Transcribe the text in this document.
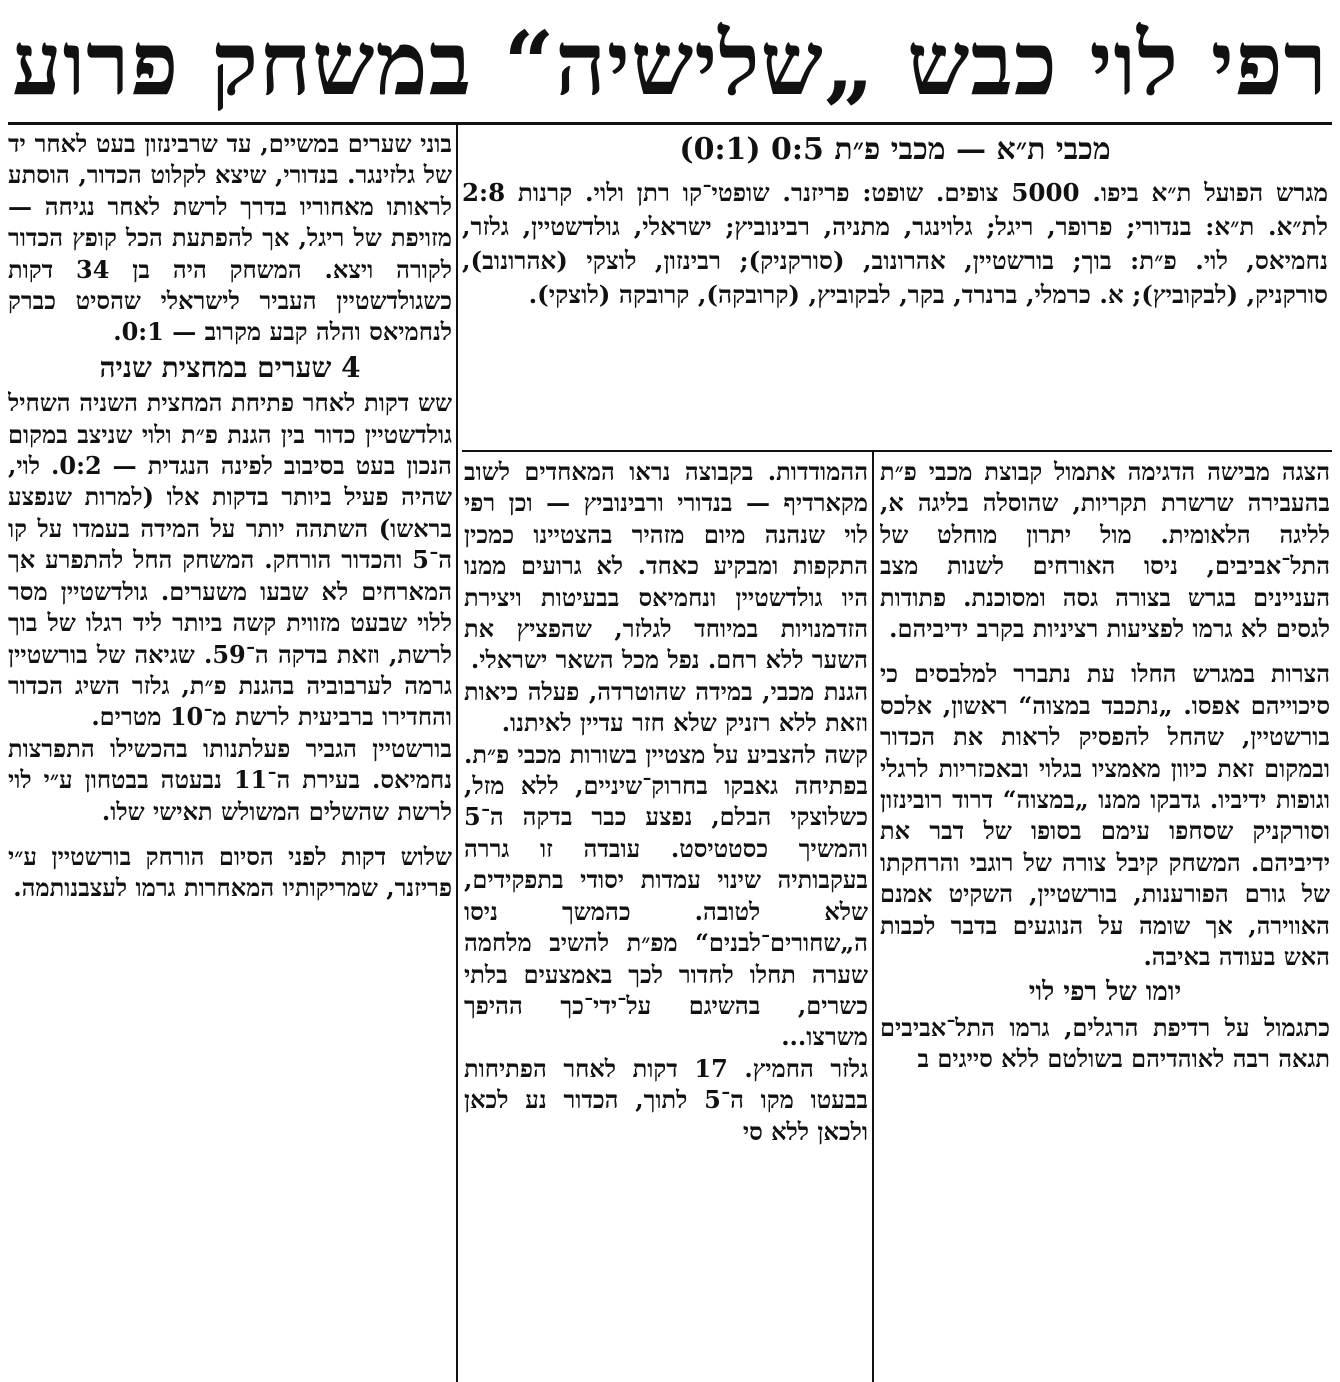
רפי לוי כבש „שלישיה“ במשחק פרוע
מכבי ת״א — מכבי פ״ת 0:5 (0:1)

מגרש הפועל ת״א ביפו. 5000 צופים. שופט: פריזנר. שופטי־קו רתן ולוי. קרנות 2:8 לת״א. ת״א: בנדורי; פרופר, ריגל; גלוינגר, מתניה, רבינוביץ; ישראלי, גולדשטיין, גלזר, נחמיאס, לוי. פ״ת: בוך; בורשטיין, אהרונוב, (סורקניק); רבינזון, לוצקי (אהרונוב), סורקניק, (לבקוביץ); א. כרמלי, ברנרד, בקר, לבקוביץ, (קרובקה), קרובקה (לוצקי).

הצגה מבישה הדגימה אתמול קבוצת מכבי פ״ת בהעבירה שרשרת תקריות, שהוסלה בליגה א, לליגה הלאומית. מול יתרון מוחלט של התל־אביבים, ניסו האורחים לשנות מצב העניינים בגרש בצורה גסה ומסוכנת. פתודות לגסים לא גרמו לפציעות רציניות בקרב ידיביהם.

הצרות במגרש החלו עת נתברר למלבסים כי סיכוייהם אפסו. „נתכבד במצוה“ ראשון, אלכס בורשטיין, שהחל להפסיק לראות את הכדור ובמקום זאת כיוון מאמציו בגלוי ובאכזריות לרגלי וגופות ידיביו. גדבקו ממנו „במצוה“ דרוד רובינזון וסורקניק שסחפו עימם בסופו של דבר את ידיביהם. המשחק קיבל צורה של רוגבי והרחקתו של גורם הפורענות, בורשטיין, השקיט אמנם האווירה, אך שומה על הנוגעים בדבר לכבות האש בעודה באיבה.

יומו של רפי לוי

כתגמול על רדיפת הרגלים, גרמו התל־אביבים תגאה רבה לאוהדיהם בשולטם ללא סייגים ב

ההמודדות. בקבוצה נראו המאחדים לשוב מקארדיף — בנדורי ורבינוביץ — וכן רפי לוי שנהנה מיום מזהיר בהצטיינו כמכין התקפות ומבקיע כאחד. לא גרועים ממנו היו גולדשטיין ונחמיאס בבעיטות ויצירת הזדמנויות במיוחד לגלזר, שהפציץ את השער ללא רחם. נפל מכל השאר ישראלי.

הגנת מכבי, במידה שהוטרדה, פעלה כיאות וזאת ללא רזניק שלא חזר עדיין לאיתנו.

קשה להצביע על מצטיין בשורות מכבי פ״ת. בפתיחה גאבקו בחרוק־שיניים, ללא מזל, כשלוצקי הבלם, נפצע כבר בדקה ה־5 והמשיך כסטטיסט. עובדה זו גררה בעקבותיה שינוי עמדות יסודי בתפקידים, שלא לטובה. כהמשך ניסו ה„שחורים־לבנים“ מפ״ת להשיב מלחמה שערה תחלו לחדור לכך באמצעים בלתי כשרים, בהשיגם על־ידי־כך ההיפך משרצו...

גלזר החמיץ. 17 דקות לאחר הפתיחות בבעטו מקו ה־5 לתוך, הכדור נע לכאן ולכאן ללא סי

בוני שערים במשיים, עד שרבינזון בעט לאחר יד של גלזינגר. בנדורי, שיצא לקלוט הכדור, הוסתע לראותו מאחוריו בדרך לרשת לאחר נגיחה — מזויפת של ריגל, אך להפתעת הכל קופץ הכדור לקורה ויצא. המשחק היה בן 34 דקות כשגולדשטיין העביר לישראלי שהסיט כברק לנחמיאס והלה קבע מקרוב — 0:1.

4 שערים במחצית שניה

שש דקות לאחר פתיחת המחצית השניה השחיל גולדשטיין כדור בין הגנת פ״ת ולוי שניצב במקום הנכון בעט בסיבוב לפינה הנגדית — 0:2. לוי, שהיה פעיל ביותר בדקות אלו (למרות שנפצע בראשו) השתהה יותר על המידה בעמדו על קו ה־5 והכדור הורחק. המשחק החל להתפרע אך המארחים לא שבעו משערים. גולדשטיין מסר ללוי שבעט מזווית קשה ביותר ליד רגלו של בוך לרשת, וזאת בדקה ה־59. שגיאה של בורשטיין גרמה לערבוביה בהגנת פ״ת, גלזר השיג הכדור והחדירו ברביעית לרשת מ־10 מטרים.

בורשטיין הגביר פעלתנותו בהכשילו התפרצות נחמיאס. בעירת ה־11 נבעטה בבטחון ע״י לוי לרשת שהשלים המשולש תאישי שלו.

שלוש דקות לפני הסיום הורחק בורשטיין ע״י פריזנר, שמריקותיו המאחרות גרמו לעצבנותמה.
